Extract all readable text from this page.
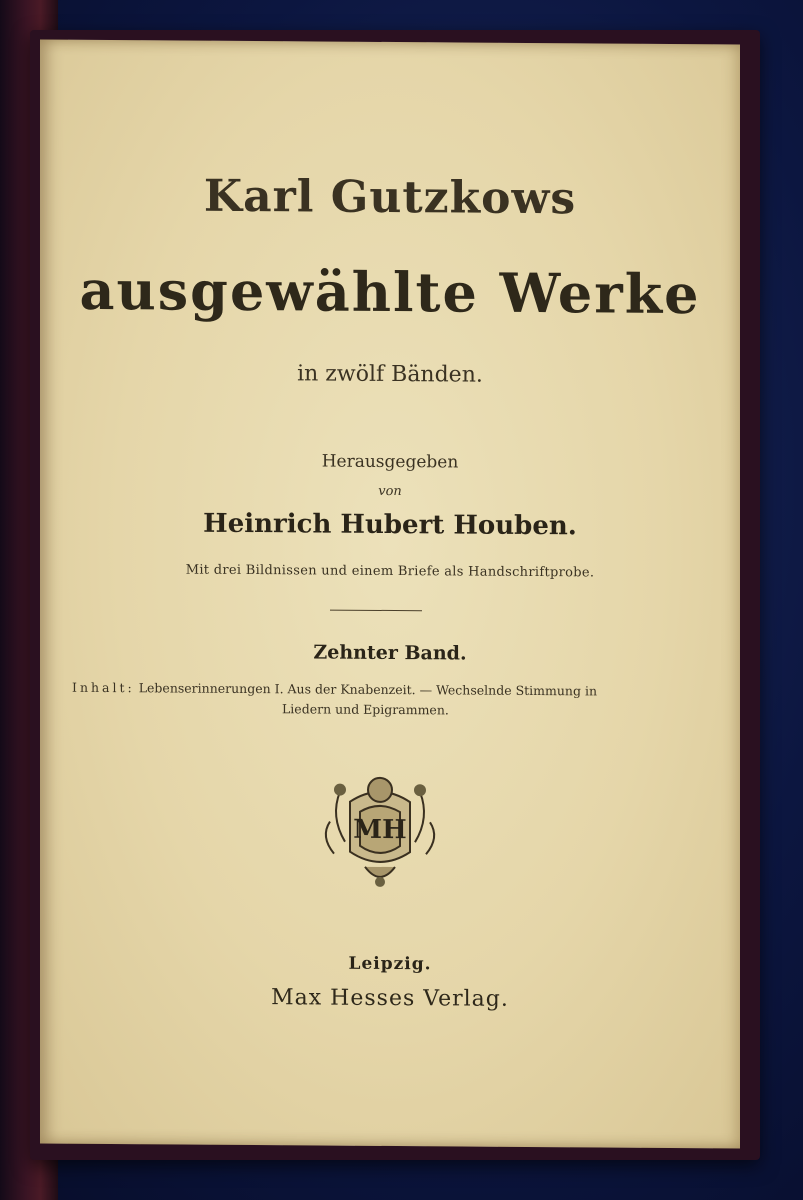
Karl Gutzkows
ausgewählte Werke
in zwölf Bänden.
Herausgegeben
von
Heinrich Hubert Houben.
Mit drei Bildnissen und einem Briefe als Handschriftprobe.
Zehnter Band.
Inhalt: Lebenserinnerungen I. Aus der Knabenzeit. — Wechselnde Stimmung in
Liedern und Epigrammen.
MH
Leipzig.
Max Hesses Verlag.
